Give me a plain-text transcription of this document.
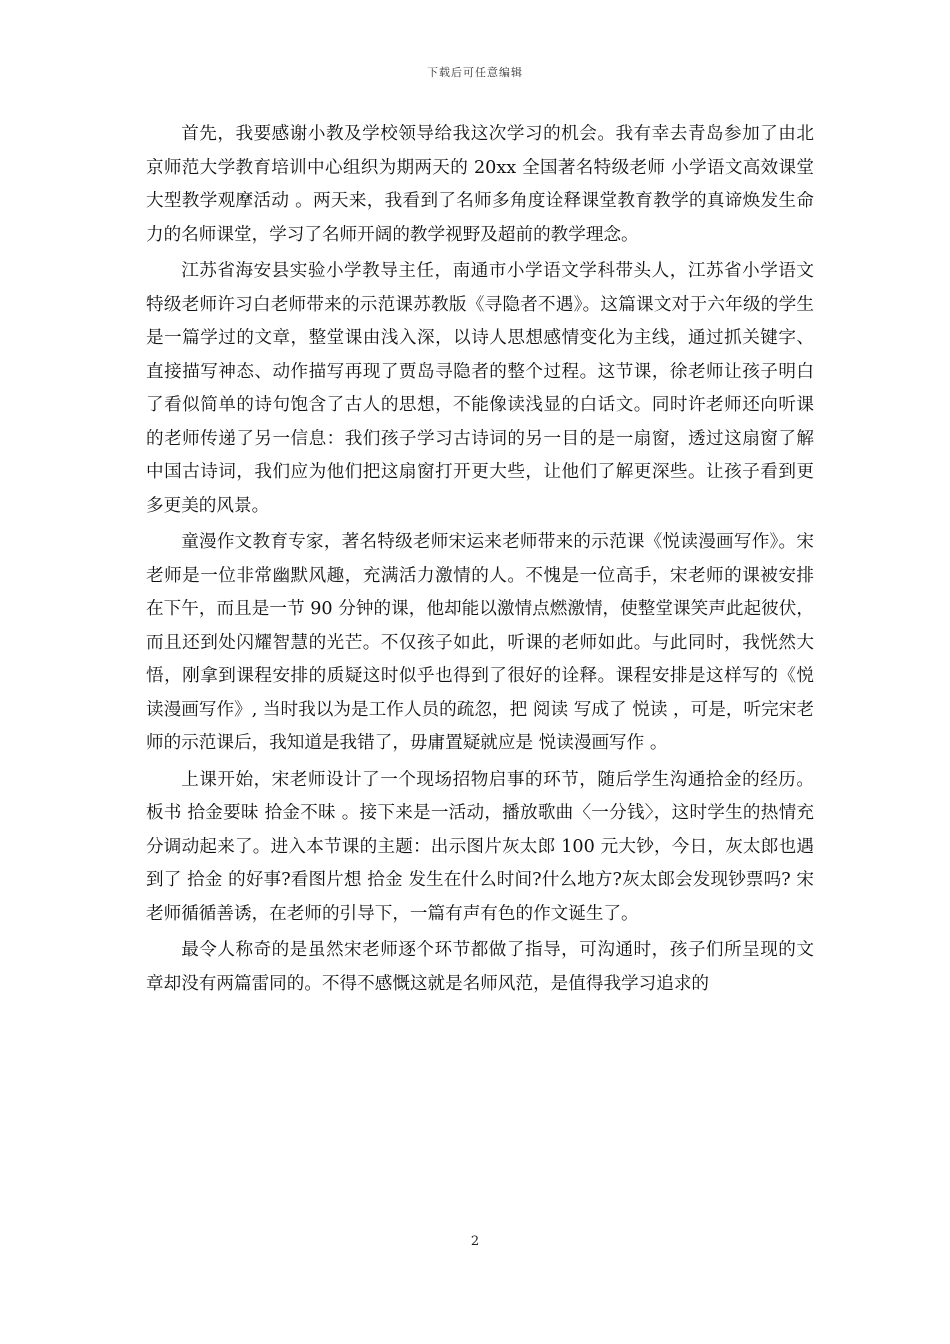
下载后可任意编辑

首先，我要感谢小教及学校领导给我这次学习的机会。我有幸去青岛参加了由北京师范大学教育培训中心组织为期两天的 20xx 全国著名特级老师 小学语文高效课堂大型教学观摩活动 。两天来，我看到了名师多角度诠释课堂教育教学的真谛焕发生命力的名师课堂，学习了名师开阔的教学视野及超前的教学理念。

江苏省海安县实验小学教导主任，南通市小学语文学科带头人，江苏省小学语文特级老师许习白老师带来的示范课苏教版《寻隐者不遇》。这篇课文对于六年级的学生是一篇学过的文章，整堂课由浅入深，以诗人思想感情变化为主线，通过抓关键字、直接描写神态、动作描写再现了贾岛寻隐者的整个过程。这节课，徐老师让孩子明白了看似简单的诗句饱含了古人的思想，不能像读浅显的白话文。同时许老师还向听课的老师传递了另一信息：我们孩子学习古诗词的另一目的是一扇窗，透过这扇窗了解中国古诗词，我们应为他们把这扇窗打开更大些，让他们了解更深些。让孩子看到更多更美的风景。

童漫作文教育专家，著名特级老师宋运来老师带来的示范课《悦读漫画写作》。宋老师是一位非常幽默风趣，充满活力激情的人。不愧是一位高手，宋老师的课被安排在下午，而且是一节 90 分钟的课，他却能以激情点燃激情，使整堂课笑声此起彼伏，而且还到处闪耀智慧的光芒。不仅孩子如此，听课的老师如此。与此同时，我恍然大悟，刚拿到课程安排的质疑这时似乎也得到了很好的诠释。课程安排是这样写的《悦读漫画写作》, 当时我以为是工作人员的疏忽，把 阅读 写成了 悦读 ，可是，听完宋老师的示范课后，我知道是我错了，毋庸置疑就应是 悦读漫画写作 。

上课开始，宋老师设计了一个现场招物启事的环节，随后学生沟通拾金的经历。板书 拾金要昧 拾金不昧 。接下来是一活动，播放歌曲〈一分钱〉，这时学生的热情充分调动起来了。进入本节课的主题：出示图片灰太郎 100 元大钞，今日，灰太郎也遇到了 拾金 的好事?看图片想 拾金 发生在什么时间?什么地方?灰太郎会发现钞票吗? 宋老师循循善诱，在老师的引导下，一篇有声有色的作文诞生了。

最令人称奇的是虽然宋老师逐个环节都做了指导，可沟通时，孩子们所呈现的文章却没有两篇雷同的。不得不感慨这就是名师风范，是值得我学习追求的

2
